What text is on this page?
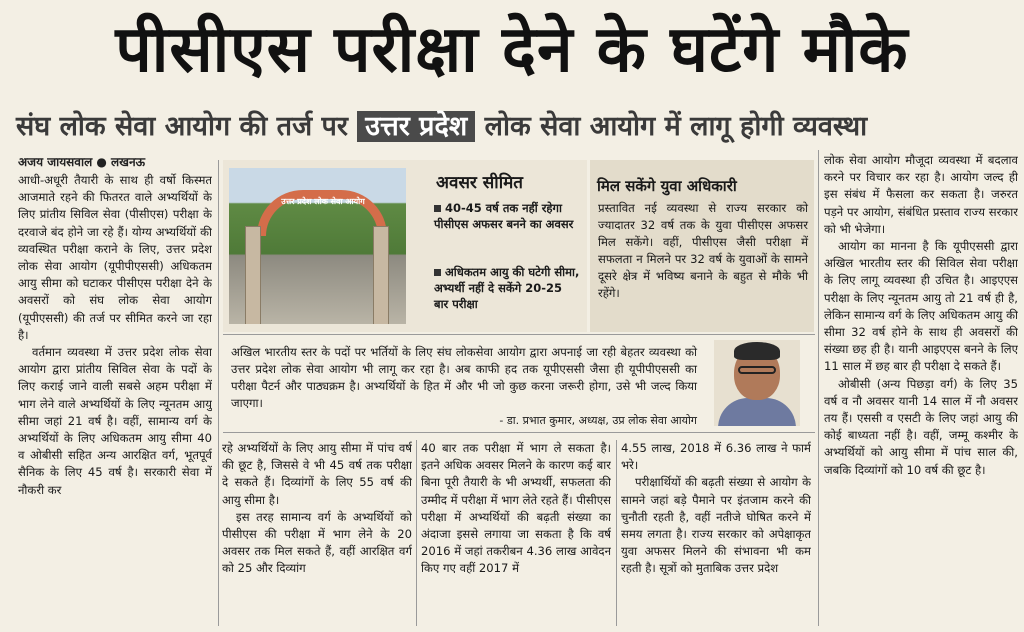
पीसीएस परीक्षा देने के घटेंगे मौके
संघ लोक सेवा आयोग की तर्ज पर उत्तर प्रदेश लोक सेवा आयोग में लागू होगी व्यवस्था
अजय जायसवाल ● लखनऊ

आधी-अधूरी तैयारी के साथ ही वर्षो किस्मत आजमाते रहने की फितरत वाले अभ्यर्थियों के लिए प्रांतीय सिविल सेवा (पीसीएस) परीक्षा के दरवाजे बंद होने जा रहे हैं। योग्य अभ्यर्थियों की व्यवस्थित परीक्षा कराने के लिए, उत्तर प्रदेश लोक सेवा आयोग (यूपीपीएससी) अधिकतम आयु सीमा को घटाकर पीसीएस परीक्षा देने के अवसरों को संघ लोक सेवा आयोग (यूपीएससी) की तर्ज पर सीमित करने जा रहा है।

वर्तमान व्यवस्था में उत्तर प्रदेश लोक सेवा आयोग द्वारा प्रांतीय सिविल सेवा के पदों के लिए कराई जाने वाली सबसे अहम परीक्षा में भाग लेने वाले अभ्यर्थियों के लिए न्यूनतम आयु सीमा जहां 21 वर्ष है। वहीं, सामान्य वर्ग के अभ्यर्थियों के लिए अधिकतम आयु सीमा 40 व ओबीसी सहित अन्य आरक्षित वर्ग, भूतपूर्व सैनिक के लिए 45 वर्ष है। सरकारी सेवा में नौकरी कर

उत्तर प्रदेश लोक सेवा आयोग
अवसर सीमित
40-45 वर्ष तक नहीं रहेगा पीसीएस अफसर बनने का अवसर
अधिकतम आयु की घटेगी सीमा, अभ्यर्थी नहीं दे सकेंगे 20-25 बार परीक्षा
मिल सकेंगे युवा अधिकारी
प्रस्तावित नई व्यवस्था से राज्य सरकार को ज्यादातर 32 वर्ष तक के युवा पीसीएस अफसर मिल सकेंगे। वहीं, पीसीएस जैसी परीक्षा में सफलता न मिलने पर 32 वर्ष के युवाओं के सामने दूसरे क्षेत्र में भविष्य बनाने के बहुत से मौके भी रहेंगे।
अखिल भारतीय स्तर के पदों पर भर्तियों के लिए संघ लोकसेवा आयोग द्वारा अपनाई जा रही बेहतर व्यवस्था को उत्तर प्रदेश लोक सेवा आयोग भी लागू कर रहा है। अब काफी हद तक यूपीएससी जैसा ही यूपीपीएससी का परीक्षा पैटर्न और पाठ्यक्रम है। अभ्यर्थियों के हित में और भी जो कुछ करना जरूरी होगा, उसे भी जल्द किया जाएगा।
- डा. प्रभात कुमार, अध्यक्ष, उप्र लोक सेवा आयोग

रहे अभ्यर्थियों के लिए आयु सीमा में पांच वर्ष की छूट है, जिससे वे भी 45 वर्ष तक परीक्षा दे सकते हैं। दिव्यांगों के लिए 55 वर्ष की आयु सीमा है।

इस तरह सामान्य वर्ग के अभ्यर्थियों को पीसीएस की परीक्षा में भाग लेने के 20 अवसर तक मिल सकते हैं, वहीं आरक्षित वर्ग को 25 और दिव्यांग

40 बार तक परीक्षा में भाग ले सकता है। इतने अधिक अवसर मिलने के कारण कई बार बिना पूरी तैयारी के भी अभ्यर्थी, सफलता की उम्मीद में परीक्षा में भाग लेते रहते हैं। पीसीएस परीक्षा में अभ्यर्थियों की बढ़ती संख्या का अंदाजा इससे लगाया जा सकता है कि वर्ष 2016 में जहां तकरीबन 4.36 लाख आवेदन किए गए वहीं 2017 में

4.55 लाख, 2018 में 6.36 लाख ने फार्म भरे।

परीक्षार्थियों की बढ़ती संख्या से आयोग के सामने जहां बड़े पैमाने पर इंतजाम करने की चुनौती रहती है, वहीं नतीजे घोषित करने में समय लगता है। राज्य सरकार को अपेक्षाकृत युवा अफसर मिलने की संभावना भी कम रहती है। सूत्रों को मुताबिक उत्तर प्रदेश

लोक सेवा आयोग मौजूदा व्यवस्था में बदलाव करने पर विचार कर रहा है। आयोग जल्द ही इस संबंध में फैसला कर सकता है। जरुरत पड़ने पर आयोग, संबंधित प्रस्ताव राज्य सरकार को भी भेजेगा।

आयोग का मानना है कि यूपीएससी द्वारा अखिल भारतीय स्तर की सिविल सेवा परीक्षा के लिए लागू व्यवस्था ही उचित है। आइएएस परीक्षा के लिए न्यूनतम आयु तो 21 वर्ष ही है, लेकिन सामान्य वर्ग के लिए अधिकतम आयु की सीमा 32 वर्ष होने के साथ ही अवसरों की संख्या छह ही है। यानी आइएएस बनने के लिए 11 साल में छह बार ही परीक्षा दे सकते हैं।

ओबीसी (अन्य पिछड़ा वर्ग) के लिए 35 वर्ष व नौ अवसर यानी 14 साल में नौ अवसर तय हैं। एससी व एसटी के लिए जहां आयु की कोई बाध्यता नहीं है। वहीं, जम्मू कश्मीर के अभ्यर्थियों को आयु सीमा में पांच साल की, जबकि दिव्यांगों को 10 वर्ष की छूट है।
